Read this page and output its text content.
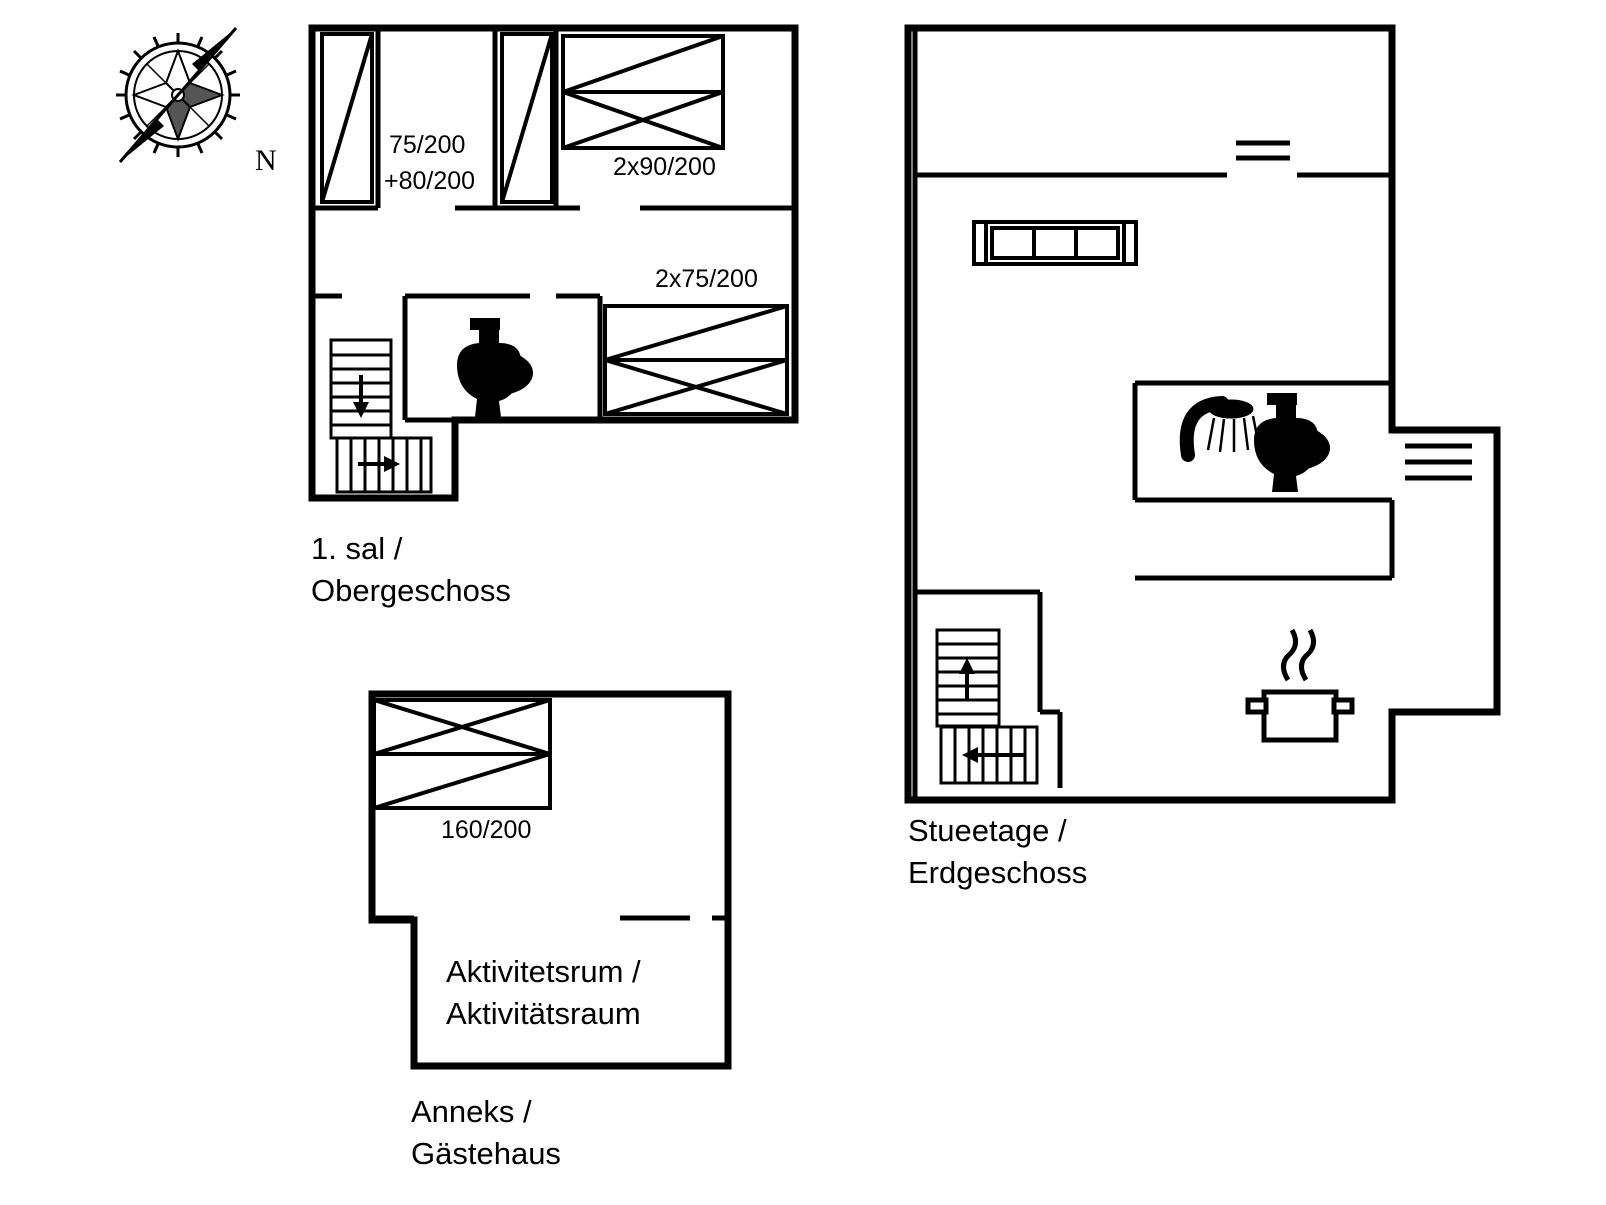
N	75/200
+80/200	2x90/200
2x75/200
1. sal /
Obergeschoss
160/200
Aktivitetsrum /
Aktivitätsraum
Anneks /
Gästehaus
Stueetage /
Erdgeschoss
